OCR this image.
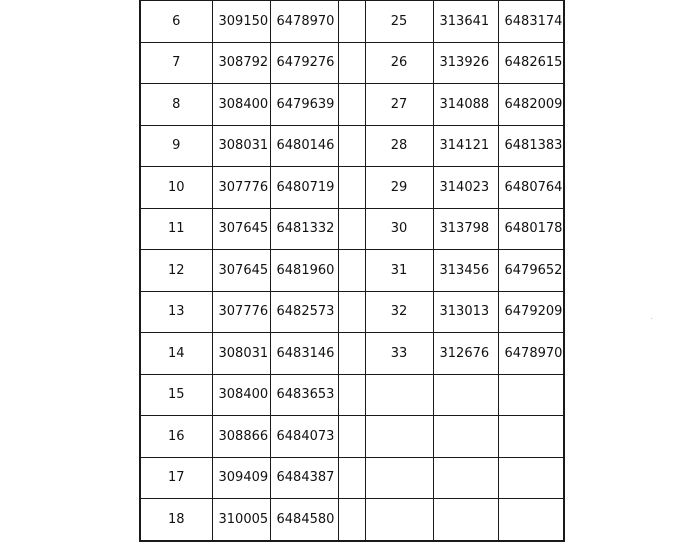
6	309150	6478970		25	313641	6483174
7	308792	6479276		26	313926	6482615
8	308400	6479639		27	314088	6482009
9	308031	6480146		28	314121	6481383
10	307776	6480719		29	314023	6480764
11	307645	6481332		30	313798	6480178
12	307645	6481960		31	313456	6479652
13	307776	6482573		32	313013	6479209
14	308031	6483146		33	312676	6478970
15	308400	6483653				
16	308866	6484073				
17	309409	6484387				
18	310005	6484580				
